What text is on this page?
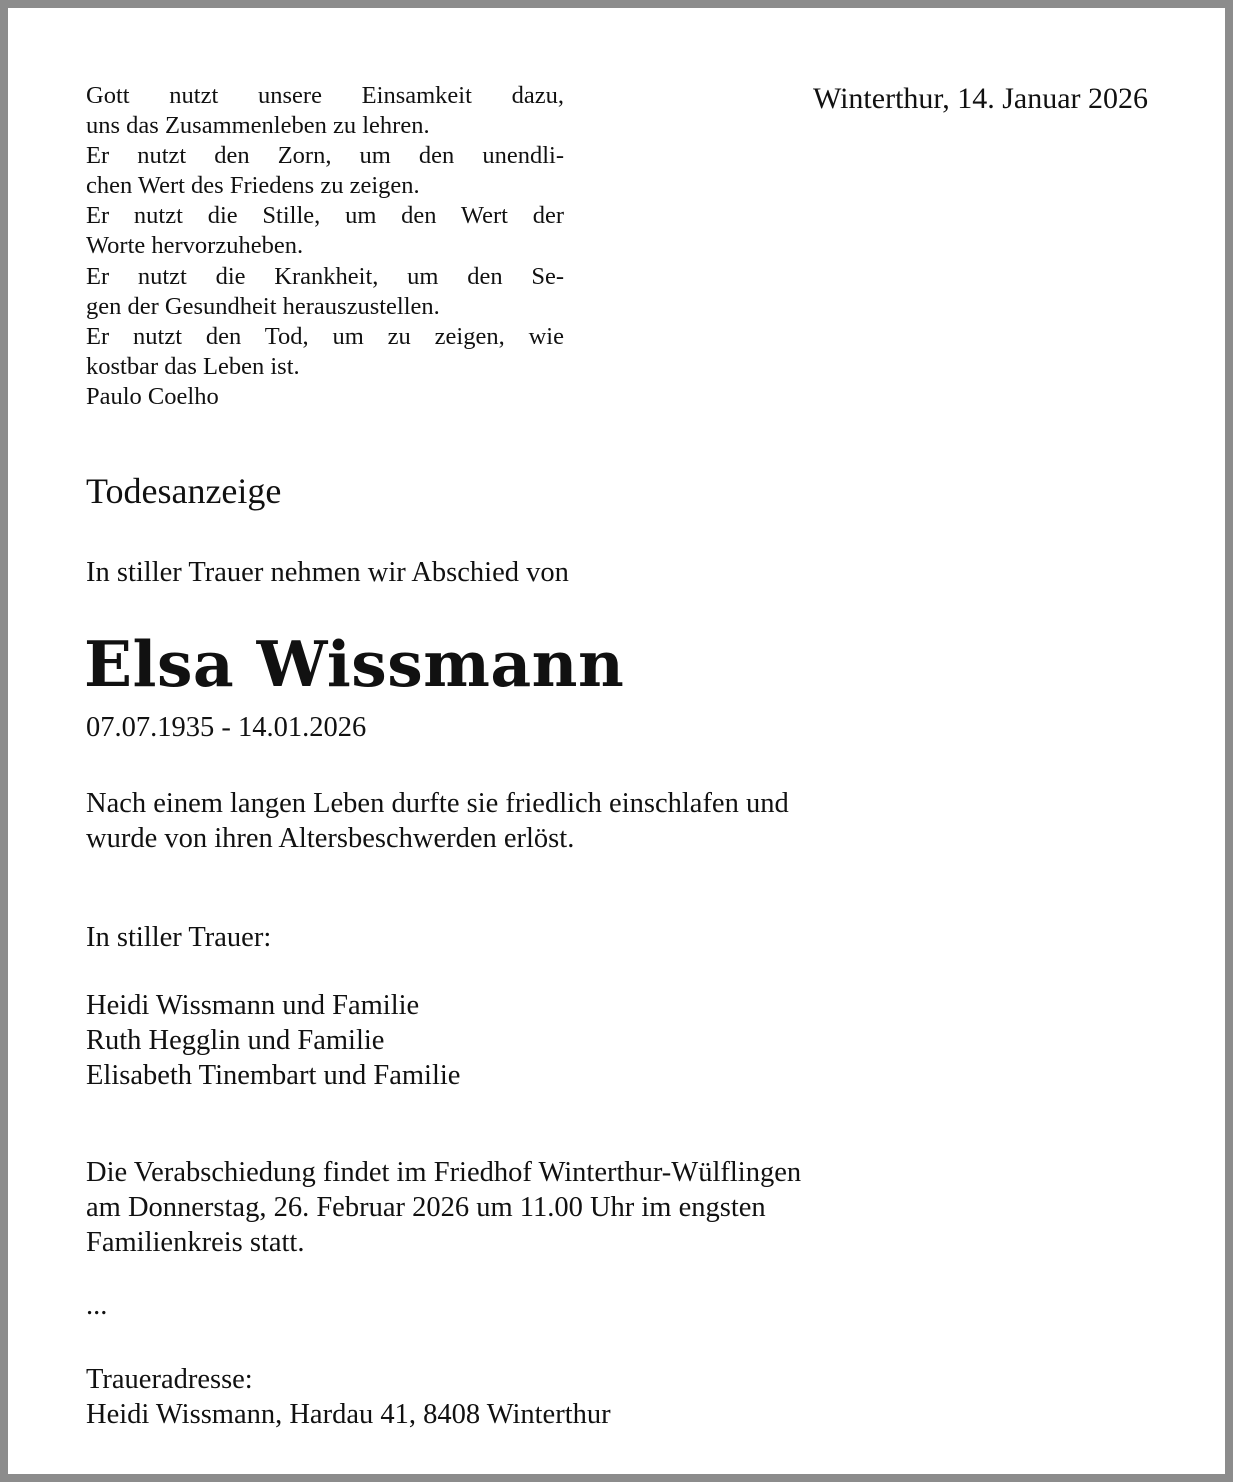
Gott nutzt unsere Einsamkeit dazu,
uns das Zusammenleben zu lehren.
Er nutzt den Zorn, um den unendli-
chen Wert des Friedens zu zeigen.
Er nutzt die Stille, um den Wert der
Worte hervorzuheben.
Er nutzt die Krankheit, um den Se-
gen der Gesundheit herauszustellen.
Er nutzt den Tod, um zu zeigen, wie
kostbar das Leben ist.
Paulo Coelho
Winterthur, 14. Januar 2026
Todesanzeige
In stiller Trauer nehmen wir Abschied von
Elsa Wissmann
07.07.1935 - 14.01.2026
Nach einem langen Leben durfte sie friedlich einschlafen und
wurde von ihren Altersbeschwerden erlöst.
In stiller Trauer:
Heidi Wissmann und Familie
Ruth Hegglin und Familie
Elisabeth Tinembart und Familie
Die Verabschiedung findet im Friedhof Winterthur-Wülflingen
am Donnerstag, 26. Februar 2026 um 11.00 Uhr im engsten
Familienkreis statt.
...
Traueradresse:
Heidi Wissmann, Hardau 41, 8408 Winterthur
